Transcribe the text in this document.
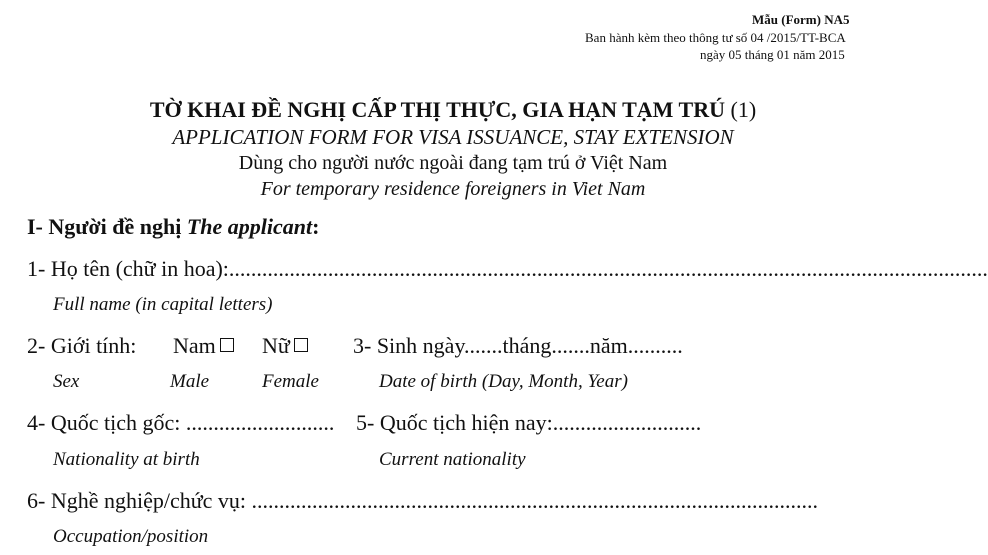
Mẫu (Form) NA5
Ban hành kèm theo thông tư số 04 /2015/TT-BCA
ngày 05 tháng 01 năm 2015
TỜ KHAI ĐỀ NGHỊ CẤP THỊ THỰC, GIA HẠN TẠM TRÚ (1)
APPLICATION FORM FOR VISA ISSUANCE, STAY EXTENSION
Dùng cho người nước ngoài đang tạm trú ở Việt Nam
For temporary residence foreigners in Viet Nam
I- Người đề nghị The applicant:
1- Họ tên (chữ in hoa):..........................................................................................................................................
Full name (in capital letters)
2- Giới tính: Nam	Nữ	3- Sinh ngày.......tháng.......năm..........
Sex	Male	Female	Date of birth (Day, Month, Year)
4- Quốc tịch gốc: ........................... 5- Quốc tịch hiện nay:...........................
Nationality at birth	Current nationality
6- Nghề nghiệp/chức vụ: .......................................................................................................
Occupation/position
